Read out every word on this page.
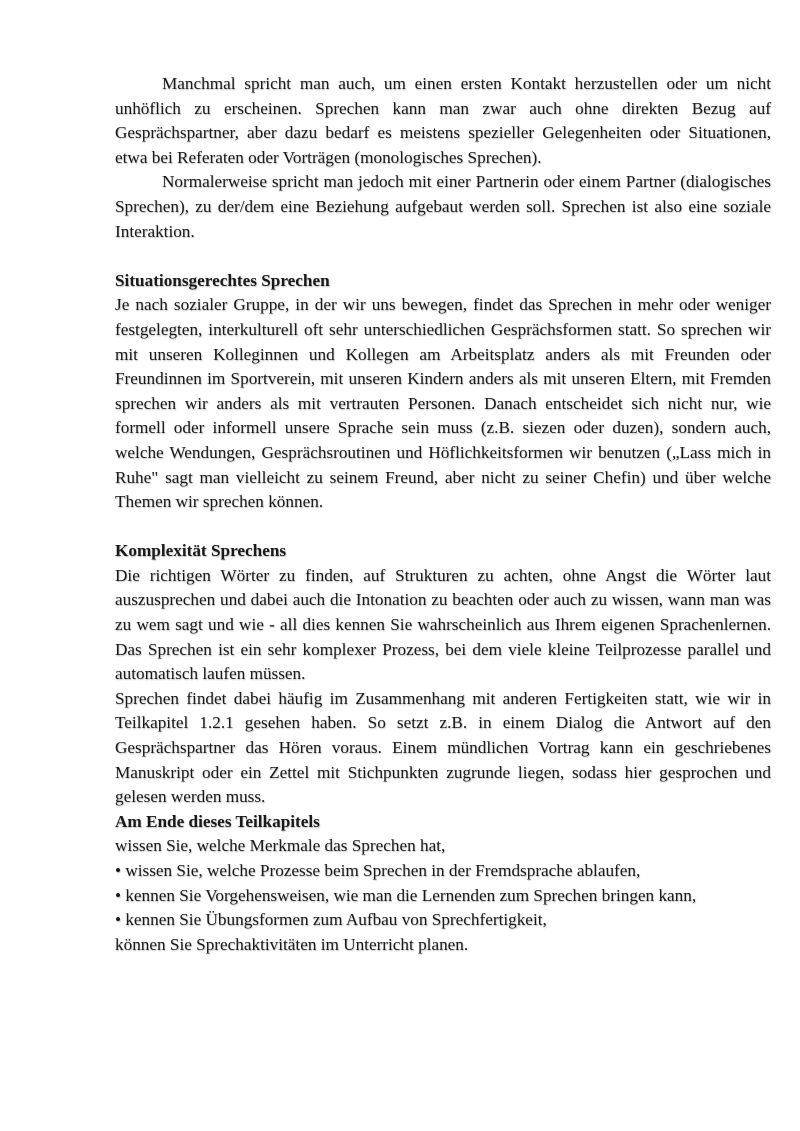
Manchmal spricht man auch, um einen ersten Kontakt herzustellen oder um nicht unhöflich zu erscheinen. Sprechen kann man zwar auch ohne direkten Bezug auf Gesprächspartner, aber dazu bedarf es meistens spezieller Gelegenheiten oder Situationen, etwa bei Referaten oder Vorträgen (monologisches Sprechen).

Normalerweise spricht man jedoch mit einer Partnerin oder einem Partner (dialogisches Sprechen), zu der/dem eine Beziehung aufgebaut werden soll. Sprechen ist also eine soziale Interaktion.

Situationsgerechtes Sprechen

Je nach sozialer Gruppe, in der wir uns bewegen, findet das Sprechen in mehr oder weniger festgelegten, interkulturell oft sehr unterschiedlichen Gesprächsformen statt. So sprechen wir mit unseren Kolleginnen und Kollegen am Arbeitsplatz anders als mit Freunden oder Freundinnen im Sportverein, mit unseren Kindern anders als mit unseren Eltern, mit Fremden sprechen wir anders als mit vertrauten Personen. Danach entscheidet sich nicht nur, wie formell oder informell unsere Sprache sein muss (z.B. siezen oder duzen), sondern auch, welche Wendungen, Gesprächsroutinen und Höflichkeitsformen wir benutzen („Lass mich in Ruhe" sagt man vielleicht zu seinem Freund, aber nicht zu seiner Chefin) und über welche Themen wir sprechen können.

Komplexität Sprechens

Die richtigen Wörter zu finden, auf Strukturen zu achten, ohne Angst die Wörter laut auszusprechen und dabei auch die Intonation zu beachten oder auch zu wissen, wann man was zu wem sagt und wie - all dies kennen Sie wahrscheinlich aus Ihrem eigenen Sprachenlernen. Das Sprechen ist ein sehr komplexer Prozess, bei dem viele kleine Teilprozesse parallel und automatisch laufen müssen.

Sprechen findet dabei häufig im Zusammenhang mit anderen Fertigkeiten statt, wie wir in Teilkapitel 1.2.1 gesehen haben. So setzt z.B. in einem Dialog die Antwort auf den Gesprächspartner das Hören voraus. Einem mündlichen Vortrag kann ein geschriebenes Manuskript oder ein Zettel mit Stichpunkten zugrunde liegen, sodass hier gesprochen und gelesen werden muss.

Am Ende dieses Teilkapitels

wissen Sie, welche Merkmale das Sprechen hat,

• wissen Sie, welche Prozesse beim Sprechen in der Fremdsprache ablaufen,

• kennen Sie Vorgehensweisen, wie man die Lernenden zum Sprechen bringen kann,

• kennen Sie Übungsformen zum Aufbau von Sprechfertigkeit,

können Sie Sprechaktivitäten im Unterricht planen.
